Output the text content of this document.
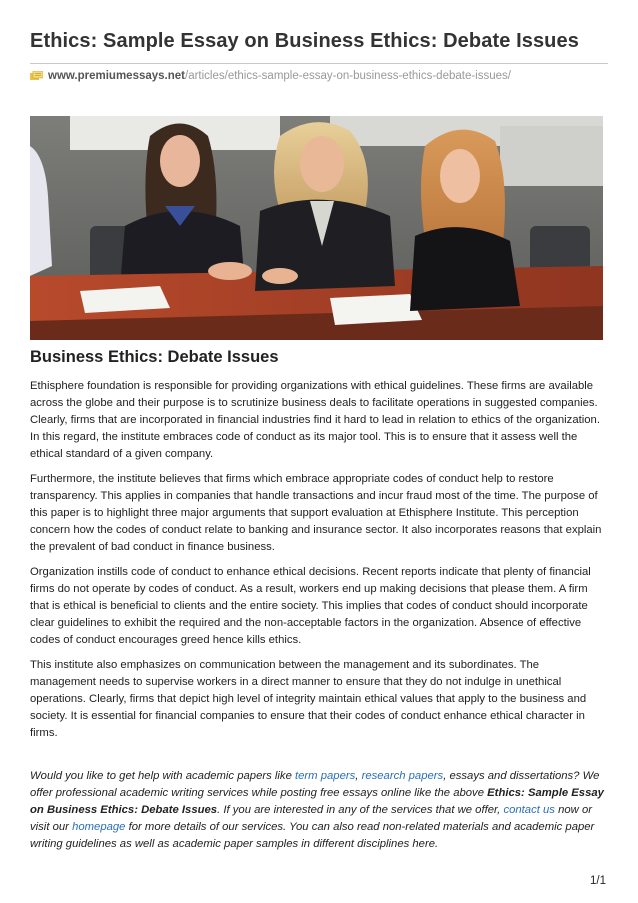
Ethics: Sample Essay on Business Ethics: Debate Issues
www.premiumessays.net /articles/ethics-sample-essay-on-business-ethics-debate-issues/
Business Ethics: Debate Issues

Ethisphere foundation is responsible for providing organizations with ethical guidelines. These firms are available across the globe and their purpose is to scrutinize business deals to facilitate operations in suggested companies. Clearly, firms that are incorporated in financial industries find it hard to lead in relation to ethics of the organization. In this regard, the institute embraces code of conduct as its major tool. This is to ensure that it assess well the ethical standard of a given company.

Furthermore, the institute believes that firms which embrace appropriate codes of conduct help to restore transparency. This applies in companies that handle transactions and incur fraud most of the time. The purpose of this paper is to highlight three major arguments that support evaluation at Ethisphere Institute. This perception concern how the codes of conduct relate to banking and insurance sector. It also incorporates reasons that explain the prevalent of bad conduct in finance business.

Organization instills code of conduct to enhance ethical decisions. Recent reports indicate that plenty of financial firms do not operate by codes of conduct. As a result, workers end up making decisions that please them. A firm that is ethical is beneficial to clients and the entire society. This implies that codes of conduct should incorporate clear guidelines to exhibit the required and the non-acceptable factors in the organization. Absence of effective codes of conduct encourages greed hence kills ethics.

This institute also emphasizes on communication between the management and its subordinates. The management needs to supervise workers in a direct manner to ensure that they do not indulge in unethical operations. Clearly, firms that depict high level of integrity maintain ethical values that apply to the business and society. It is essential for financial companies to ensure that their codes of conduct enhance ethical character in firms.

Would you like to get help with academic papers like term papers, research papers, essays and dissertations? We offer professional academic writing services while posting free essays online like the above Ethics: Sample Essay on Business Ethics: Debate Issues. If you are interested in any of the services that we offer, contact us now or visit our homepage for more details of our services. You can also read non-related materials and academic paper writing guidelines as well as academic paper samples in different disciplines here.
1/1
